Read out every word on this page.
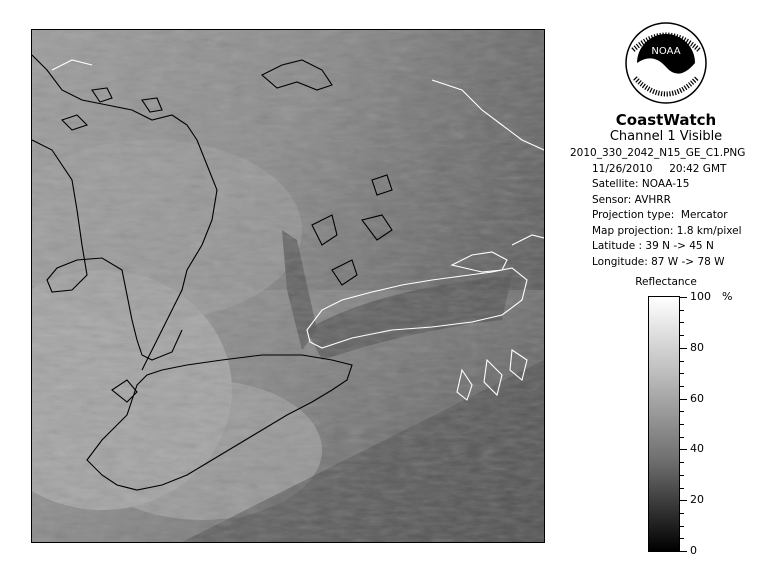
NOAA
CoastWatch
Channel 1 Visible
2010_330_2042_N15_GE_C1.PNG
11/26/2010     20:42 GMT
Satellite: NOAA-15
Sensor: AVHRR
Projection type:  Mercator
Map projection: 1.8 km/pixel
Latitude : 39 N -> 45 N
Longitude: 87 W -> 78 W
Reflectance
100
80
60
40
20
0
%
